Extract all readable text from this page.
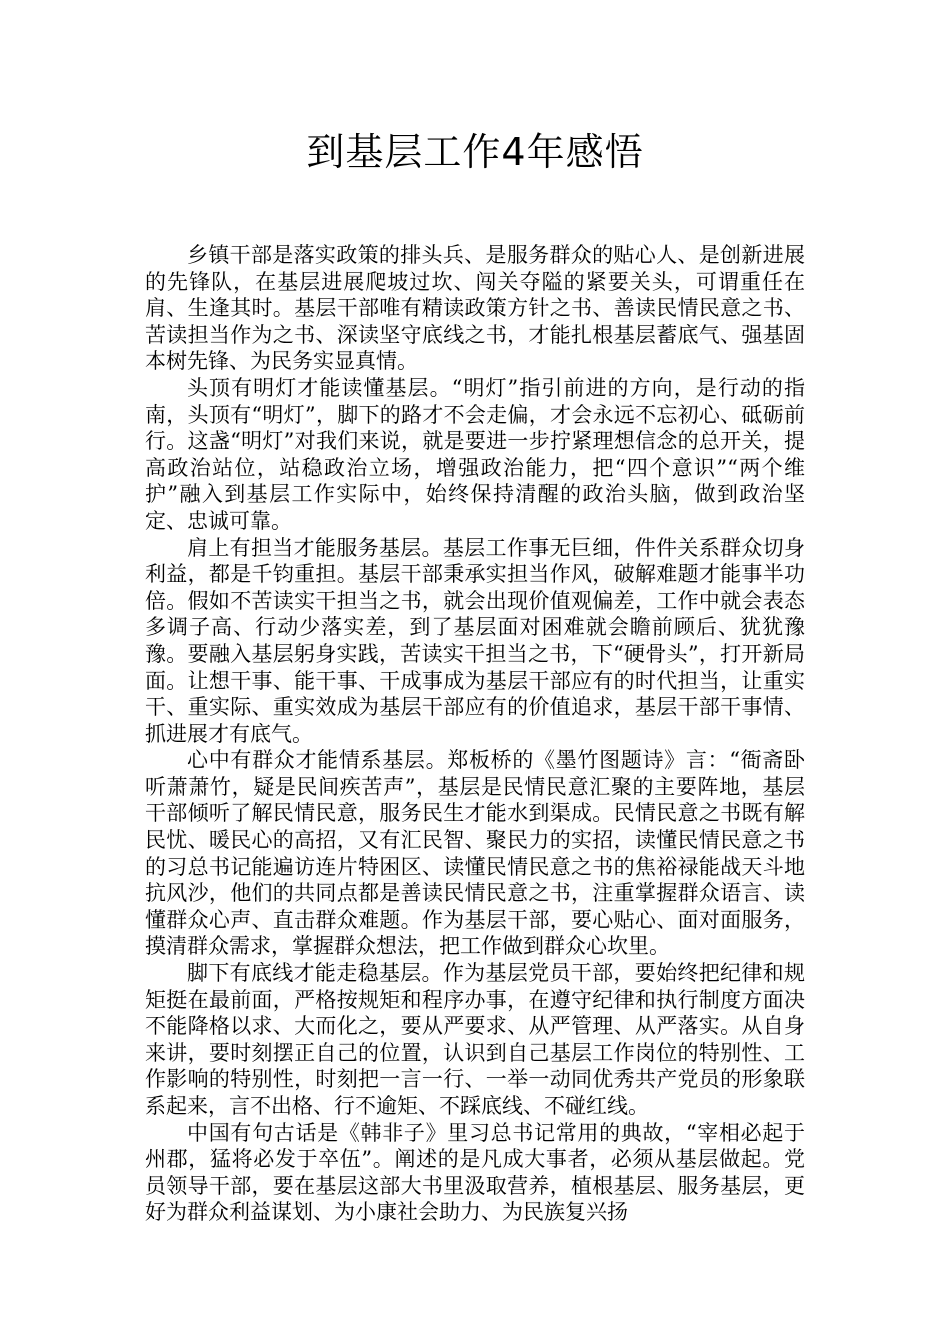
到基层工作4年感悟

乡镇干部是落实政策的排头兵、是服务群众的贴心人、是创新进展的先锋队，在基层进展爬坡过坎、闯关夺隘的紧要关头，可谓重任在肩、生逢其时。基层干部唯有精读政策方针之书、善读民情民意之书、苦读担当作为之书、深读坚守底线之书，才能扎根基层蓄底气、强基固本树先锋、为民务实显真情。

头顶有明灯才能读懂基层。“明灯”指引前进的方向，是行动的指南，头顶有“明灯”，脚下的路才不会走偏，才会永远不忘初心、砥砺前行。这盏“明灯”对我们来说，就是要进一步拧紧理想信念的总开关，提高政治站位，站稳政治立场，增强政治能力，把“四个意识”“两个维护”融入到基层工作实际中，始终保持清醒的政治头脑，做到政治坚定、忠诚可靠。

肩上有担当才能服务基层。基层工作事无巨细，件件关系群众切身利益，都是千钧重担。基层干部秉承实担当作风，破解难题才能事半功倍。假如不苦读实干担当之书，就会出现价值观偏差，工作中就会表态多调子高、行动少落实差，到了基层面对困难就会瞻前顾后、犹犹豫豫。要融入基层躬身实践，苦读实干担当之书，下“硬骨头”，打开新局面。让想干事、能干事、干成事成为基层干部应有的时代担当，让重实干、重实际、重实效成为基层干部应有的价值追求，基层干部干事情、抓进展才有底气。

心中有群众才能情系基层。郑板桥的《墨竹图题诗》言：“衙斋卧听萧萧竹，疑是民间疾苦声”，基层是民情民意汇聚的主要阵地，基层干部倾听了解民情民意，服务民生才能水到渠成。民情民意之书既有解民忧、暖民心的高招，又有汇民智、聚民力的实招，读懂民情民意之书的习总书记能遍访连片特困区、读懂民情民意之书的焦裕禄能战天斗地抗风沙，他们的共同点都是善读民情民意之书，注重掌握群众语言、读懂群众心声、直击群众难题。作为基层干部，要心贴心、面对面服务，摸清群众需求，掌握群众想法，把工作做到群众心坎里。

脚下有底线才能走稳基层。作为基层党员干部，要始终把纪律和规矩挺在最前面，严格按规矩和程序办事，在遵守纪律和执行制度方面决不能降格以求、大而化之，要从严要求、从严管理、从严落实。从自身来讲，要时刻摆正自己的位置，认识到自己基层工作岗位的特别性、工作影响的特别性，时刻把一言一行、一举一动同优秀共产党员的形象联系起来，言不出格、行不逾矩、不踩底线、不碰红线。

中国有句古话是《韩非子》里习总书记常用的典故，“宰相必起于州郡，猛将必发于卒伍”。阐述的是凡成大事者，必须从基层做起。党员领导干部，要在基层这部大书里汲取营养，植根基层、服务基层，更好为群众利益谋划、为小康社会助力、为民族复兴扬
